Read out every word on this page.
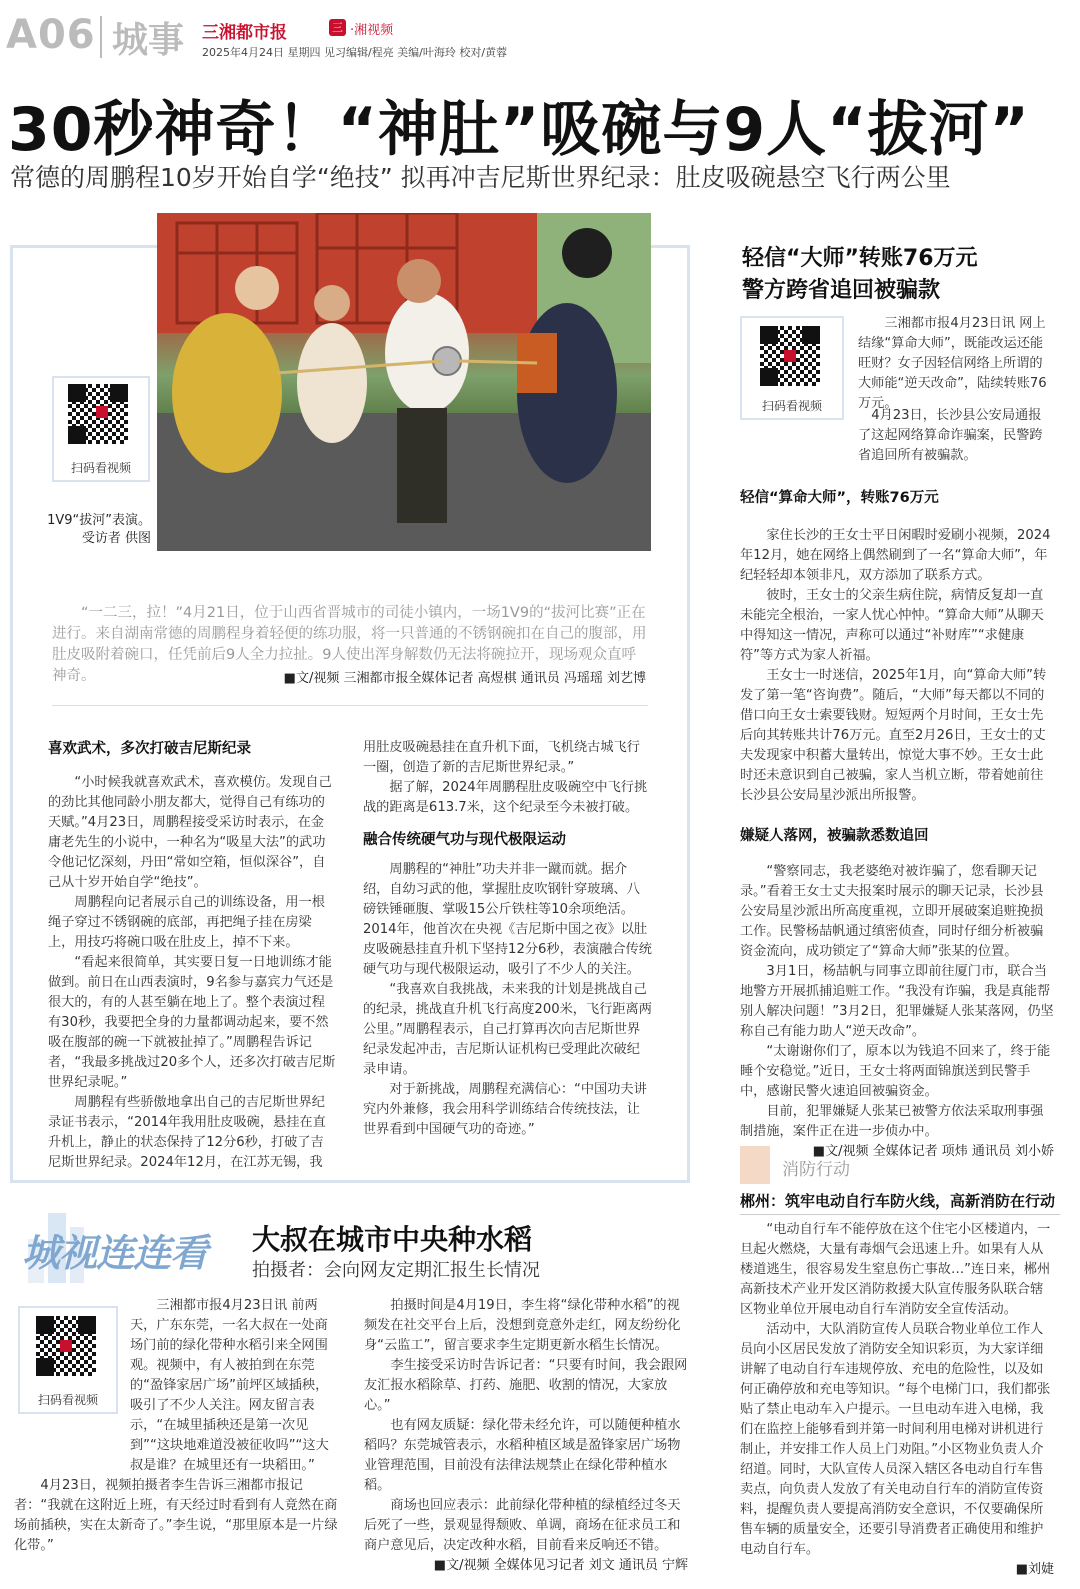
A06 城事 三湘都市报	三 ·湘视频
2025年4月24日 星期四 见习编辑/程亮 美编/叶海玲 校对/黄蓉
30秒神奇！“神肚”吸碗与9人“拔河”
常德的周鹏程10岁开始自学“绝技” 拟再冲吉尼斯世界纪录：肚皮吸碗悬空飞行两公里
扫码看视频
1V9“拔河”表演。
受访者 供图
“一二三，拉！”4月21日，位于山西省晋城市的司徒小镇内，一场1V9的“拔河比赛”正在进行。来自湖南常德的周鹏程身着轻便的练功服，将一只普通的不锈钢碗扣在自己的腹部，用肚皮吸附着碗口，任凭前后9人全力拉扯。9人使出浑身解数仍无法将碗拉开，现场观众直呼神奇。	■文/视频 三湘都市报全媒体记者 高煜棋 通讯员 冯瑶瑶 刘艺博
喜欢武术，多次打破吉尼斯纪录

“小时候我就喜欢武术，喜欢模仿。发现自己的劲比其他同龄小朋友都大，觉得自己有练功的天赋。”4月23日，周鹏程接受采访时表示，在金庸老先生的小说中，一种名为“吸星大法”的武功令他记忆深刻，丹田“常如空箱，恒似深谷”，自己从十岁开始自学“绝技”。

周鹏程向记者展示自己的训练设备，用一根绳子穿过不锈钢碗的底部，再把绳子挂在房梁上，用技巧将碗口吸在肚皮上，掉不下来。

“看起来很简单，其实要日复一日地训练才能做到。前日在山西表演时，9名参与嘉宾力气还是很大的，有的人甚至躺在地上了。整个表演过程有30秒，我要把全身的力量都调动起来，要不然吸在腹部的碗一下就被扯掉了。”周鹏程告诉记者，“我最多挑战过20多个人，还多次打破吉尼斯世界纪录呢。”

周鹏程有些骄傲地拿出自己的吉尼斯世界纪录证书表示，“2014年我用肚皮吸碗，悬挂在直升机上，静止的状态保持了12分6秒，打破了吉尼斯世界纪录。2024年12月，在江苏无锡，我

用肚皮吸碗悬挂在直升机下面，飞机绕古城飞行一圈，创造了新的吉尼斯世界纪录。”

据了解，2024年周鹏程肚皮吸碗空中飞行挑战的距离是613.7米，这个纪录至今未被打破。

融合传统硬气功与现代极限运动

周鹏程的“神肚”功夫并非一蹴而就。据介绍，自幼习武的他，掌握肚皮吹钢针穿玻璃、八磅铁锤砸腹、掌吸15公斤铁柱等10余项绝活。2014年，他首次在央视《吉尼斯中国之夜》以肚皮吸碗悬挂直升机下坚持12分6秒，表演融合传统硬气功与现代极限运动，吸引了不少人的关注。

“我喜欢自我挑战，未来我的计划是挑战自己的纪录，挑战直升机飞行高度200米，飞行距离两公里。”周鹏程表示，自己打算再次向吉尼斯世界纪录发起冲击，吉尼斯认证机构已受理此次破纪录申请。

对于新挑战，周鹏程充满信心：“中国功夫讲究内外兼修，我会用科学训练结合传统技法，让世界看到中国硬气功的奇迹。”

轻信“大师”转账76万元
警方跨省追回被骗款
扫码看视频

三湘都市报4月23日讯 网上结缘“算命大师”，既能改运还能旺财？女子因轻信网络上所谓的大师能“逆天改命”，陆续转账76万元。

4月23日，长沙县公安局通报了这起网络算命诈骗案，民警跨省追回所有被骗款。

轻信“算命大师”，转账76万元

家住长沙的王女士平日闲暇时爱刷小视频，2024年12月，她在网络上偶然刷到了一名“算命大师”，年纪轻轻却本领非凡，双方添加了联系方式。

彼时，王女士的父亲生病住院，病情反复却一直未能完全根治，一家人忧心忡忡。“算命大师”从聊天中得知这一情况，声称可以通过“补财库”“求健康符”等方式为家人祈福。

王女士一时迷信，2025年1月，向“算命大师”转发了第一笔“咨询费”。随后，“大师”每天都以不同的借口向王女士索要钱财。短短两个月时间，王女士先后向其转账共计76万元。直至2月26日，王女士的丈夫发现家中积蓄大量转出，惊觉大事不妙。王女士此时还未意识到自己被骗，家人当机立断，带着她前往长沙县公安局星沙派出所报警。

嫌疑人落网，被骗款悉数追回

“警察同志，我老婆绝对被诈骗了，您看聊天记录。”看着王女士丈夫报案时展示的聊天记录，长沙县公安局星沙派出所高度重视，立即开展破案追赃挽损工作。民警杨喆帆通过缜密侦查，同时仔细分析被骗资金流向，成功锁定了“算命大师”张某的位置。

3月1日，杨喆帆与同事立即前往厦门市，联合当地警方开展抓捕追赃工作。“我没有诈骗，我是真能帮别人解决问题！”3月2日，犯罪嫌疑人张某落网，仍坚称自己有能力助人“逆天改命”。

“太谢谢你们了，原本以为钱追不回来了，终于能睡个安稳觉。”近日，王女士将两面锦旗送到民警手中，感谢民警火速追回被骗资金。

目前，犯罪嫌疑人张某已被警方依法采取刑事强制措施，案件正在进一步侦办中。

■文/视频 全媒体记者 项炜 通讯员 刘小娇
消防行动
郴州：筑牢电动自行车防火线，高新消防在行动

“电动自行车不能停放在这个住宅小区楼道内，一旦起火燃烧，大量有毒烟气会迅速上升。如果有人从楼道逃生，很容易发生窒息伤亡事故…”连日来，郴州高新技术产业开发区消防救援大队宣传服务队联合辖区物业单位开展电动自行车消防安全宣传活动。

活动中，大队消防宣传人员联合物业单位工作人员向小区居民发放了消防安全知识彩页，为大家详细讲解了电动自行车违规停放、充电的危险性，以及如何正确停放和充电等知识。“每个电梯门口，我们都张贴了禁止电动车入户提示。一旦电动车进入电梯，我们在监控上能够看到并第一时间利用电梯对讲机进行制止，并安排工作人员上门劝阻。”小区物业负责人介绍道。同时，大队宣传人员深入辖区各电动自行车售卖点，向负责人发放了有关电动自行车的消防宣传资料，提醒负责人要提高消防安全意识，不仅要确保所售车辆的质量安全，还要引导消费者正确使用和维护电动自行车。

■刘婕
城视连连看 大叔在城市中央种水稻
拍摄者：会向网友定期汇报生长情况
扫码看视频

三湘都市报4月23日讯 前两天，广东东莞，一名大叔在一处商场门前的绿化带种水稻引来全网围观。视频中，有人被拍到在东莞的“盈锋家居广场”前坪区域插秧，吸引了不少人关注。网友留言表示，“在城里插秧还是第一次见到”“这块地难道没被征收吗”“这大叔是谁？在城里还有一块稻田。”

4月23日，视频拍摄者李生告诉三湘都市报记者：“我就在这附近上班，有天经过时看到有人竟然在商场前插秧，实在太新奇了。”李生说，“那里原本是一片绿化带。”

拍摄时间是4月19日，李生将“绿化带种水稻”的视频发在社交平台上后，没想到竟意外走红，网友纷纷化身“云监工”，留言要求李生定期更新水稻生长情况。

李生接受采访时告诉记者：“只要有时间，我会跟网友汇报水稻除草、打药、施肥、收割的情况，大家放心。”

也有网友质疑：绿化带未经允许，可以随便种植水稻吗？东莞城管表示，水稻种植区域是盈锋家居广场物业管理范围，目前没有法律法规禁止在绿化带种植水稻。

商场也回应表示：此前绿化带种植的绿植经过冬天后死了一些，景观显得颓败、单调，商场在征求员工和商户意见后，决定改种水稻，目前看来反响还不错。

■文/视频 全媒体见习记者 刘文 通讯员 宁辉
